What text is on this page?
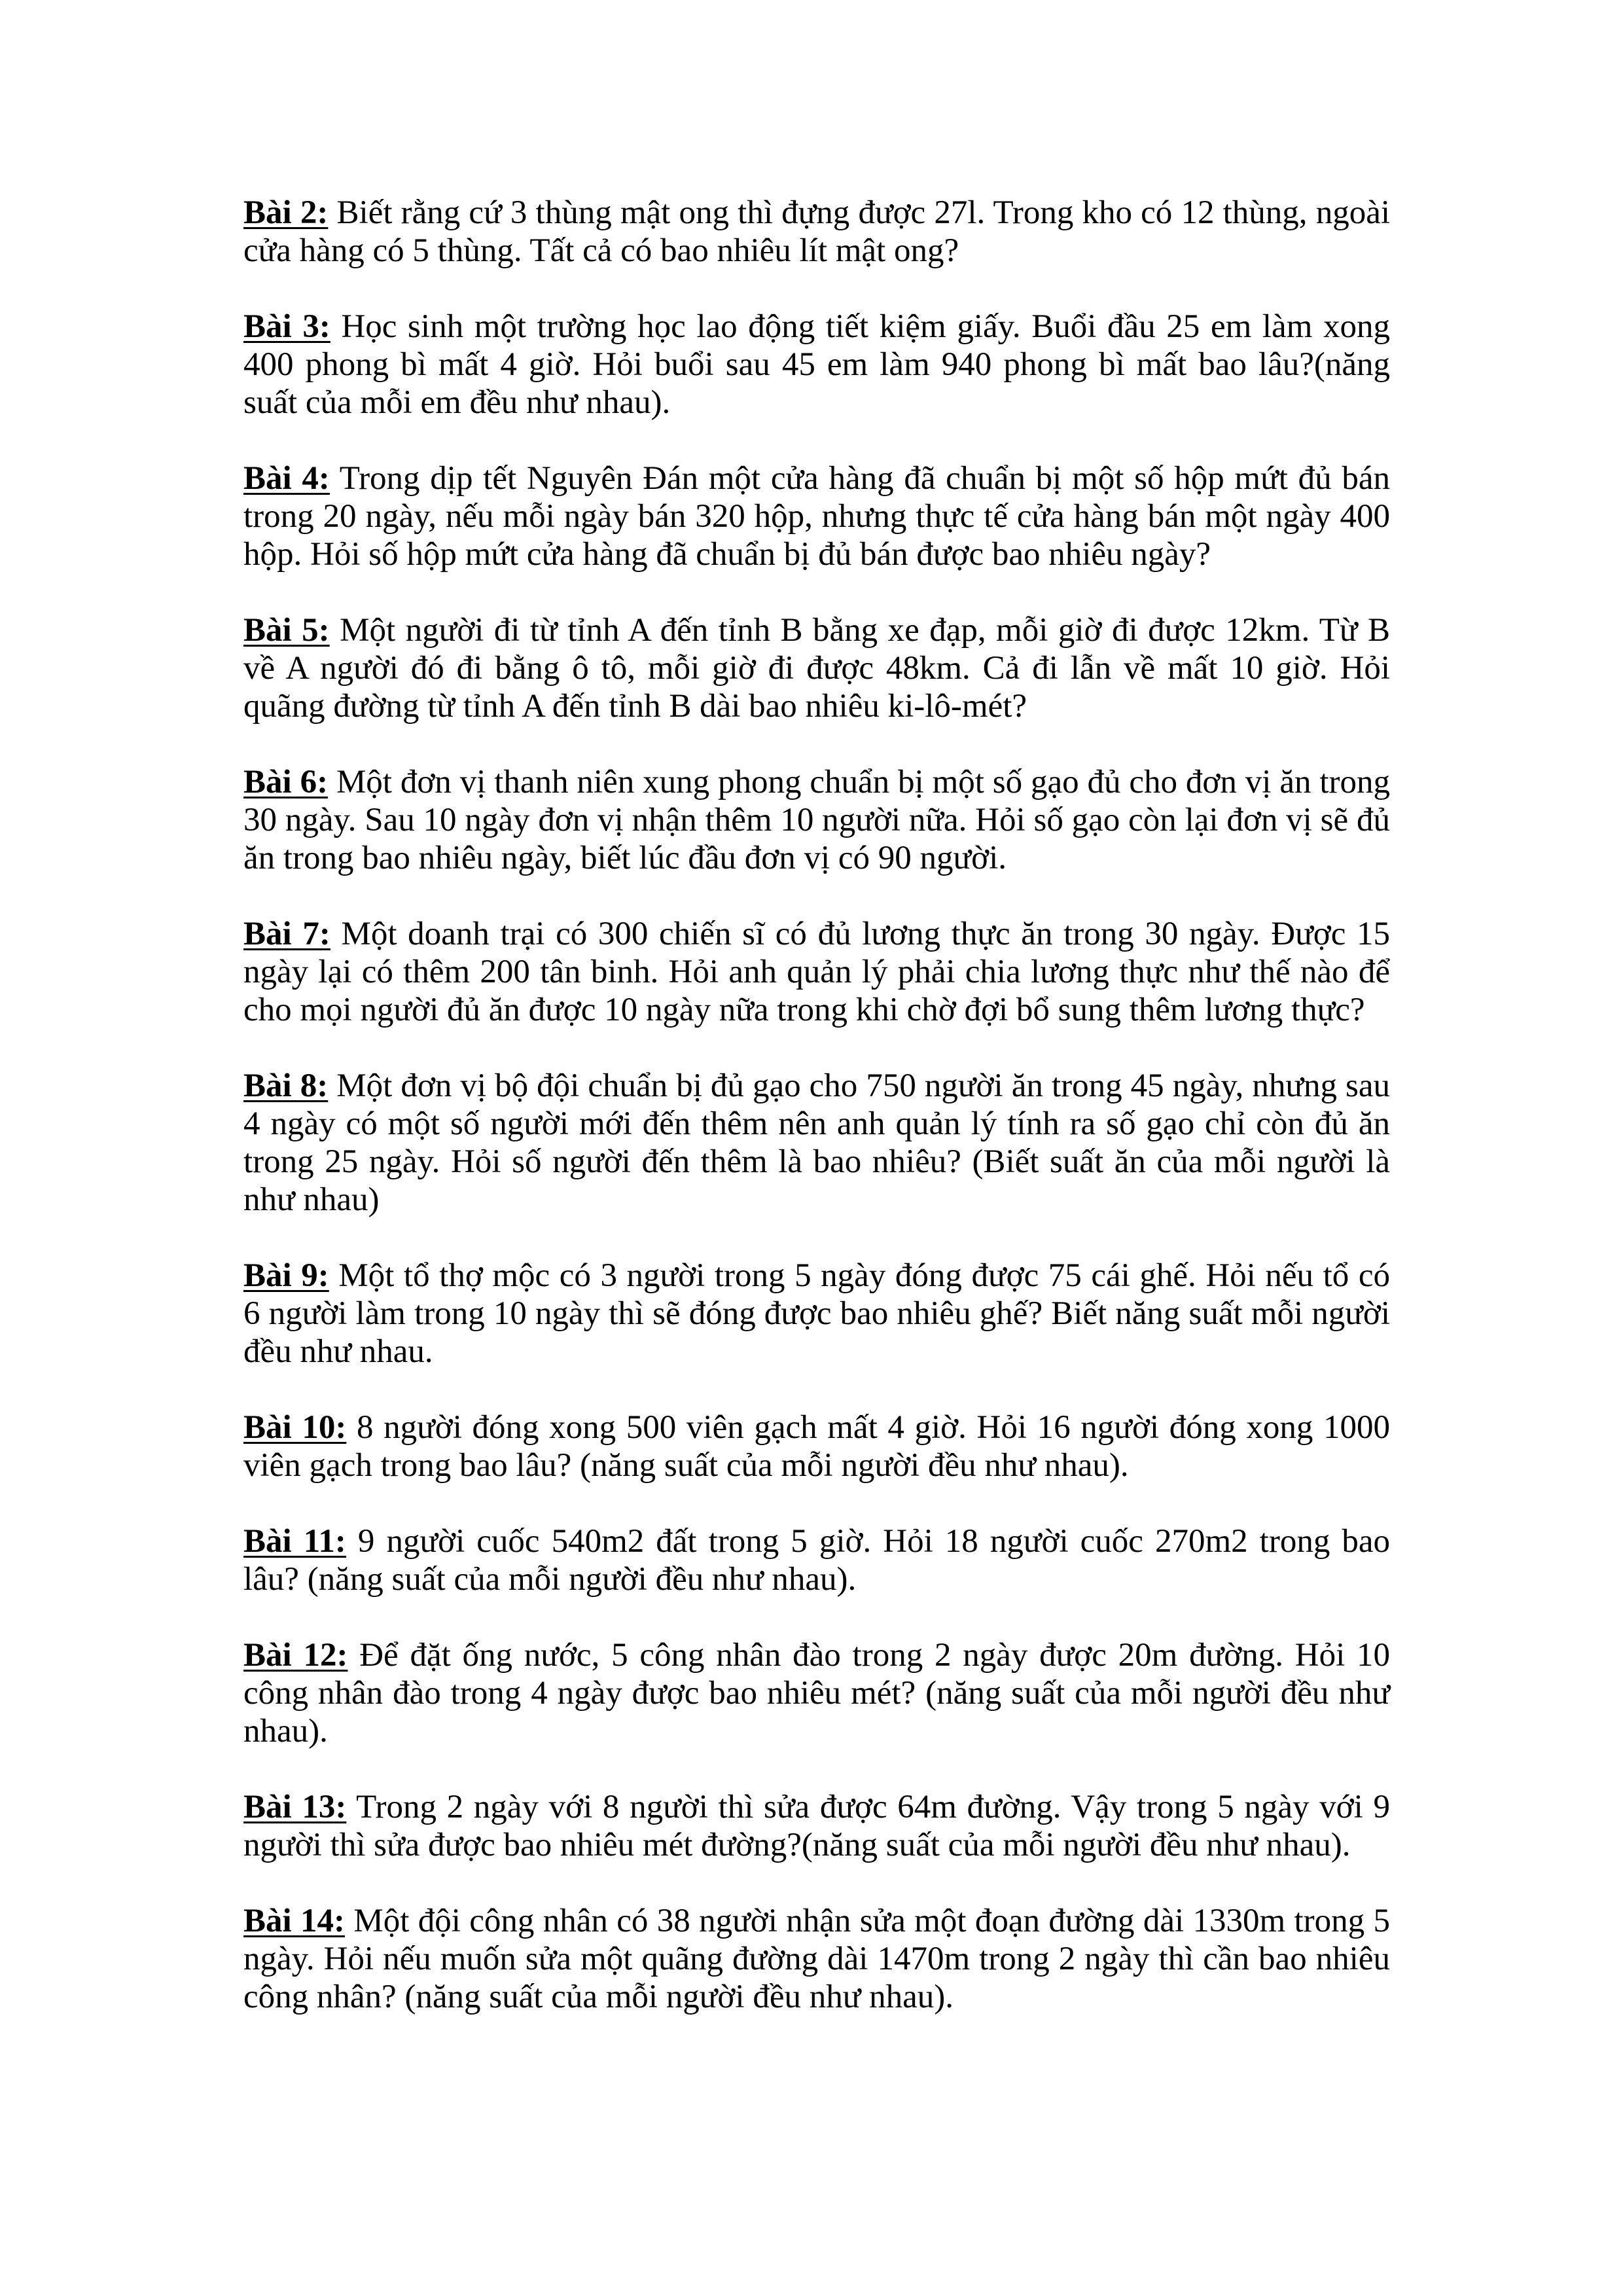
Bài 2: Biết rằng cứ 3 thùng mật ong thì đựng được 27l. Trong kho có 12 thùng, ngoài cửa hàng có 5 thùng. Tất cả có bao nhiêu lít mật ong?

Bài 3: Học sinh một trường học lao động tiết kiệm giấy. Buổi đầu 25 em làm xong 400 phong bì mất 4 giờ. Hỏi buổi sau 45 em làm 940 phong bì mất bao lâu?(năng suất của mỗi em đều như nhau).

Bài 4: Trong dịp tết Nguyên Đán một cửa hàng đã chuẩn bị một số hộp mứt đủ bán trong 20 ngày, nếu mỗi ngày bán 320 hộp, nhưng thực tế cửa hàng bán một ngày 400 hộp. Hỏi số hộp mứt cửa hàng đã chuẩn bị đủ bán được bao nhiêu ngày?

Bài 5: Một người đi từ tỉnh A đến tỉnh B bằng xe đạp, mỗi giờ đi được 12km. Từ B về A người đó đi bằng ô tô, mỗi giờ đi được 48km. Cả đi lẫn về mất 10 giờ. Hỏi quãng đường từ tỉnh A đến tỉnh B dài bao nhiêu ki-lô-mét?

Bài 6: Một đơn vị thanh niên xung phong chuẩn bị một số gạo đủ cho đơn vị ăn trong 30 ngày. Sau 10 ngày đơn vị nhận thêm 10 người nữa. Hỏi số gạo còn lại đơn vị sẽ đủ ăn trong bao nhiêu ngày, biết lúc đầu đơn vị có 90 người.

Bài 7: Một doanh trại có 300 chiến sĩ có đủ lương thực ăn trong 30 ngày. Được 15 ngày lại có thêm 200 tân binh. Hỏi anh quản lý phải chia lương thực như thế nào để cho mọi người đủ ăn được 10 ngày nữa trong khi chờ đợi bổ sung thêm lương thực?

Bài 8: Một đơn vị bộ đội chuẩn bị đủ gạo cho 750 người ăn trong 45 ngày, nhưng sau 4 ngày có một số người mới đến thêm nên anh quản lý tính ra số gạo chỉ còn đủ ăn trong 25 ngày. Hỏi số người đến thêm là bao nhiêu? (Biết suất ăn của mỗi người là như nhau)

Bài 9: Một tổ thợ mộc có 3 người trong 5 ngày đóng được 75 cái ghế. Hỏi nếu tổ có 6 người làm trong 10 ngày thì sẽ đóng được bao nhiêu ghế? Biết năng suất mỗi người đều như nhau.

Bài 10: 8 người đóng xong 500 viên gạch mất 4 giờ. Hỏi 16 người đóng xong 1000 viên gạch trong bao lâu? (năng suất của mỗi người đều như nhau).

Bài 11: 9 người cuốc 540m2 đất trong 5 giờ. Hỏi 18 người cuốc 270m2 trong bao lâu? (năng suất của mỗi người đều như nhau).

Bài 12: Để đặt ống nước, 5 công nhân đào trong 2 ngày được 20m đường. Hỏi 10 công nhân đào trong 4 ngày được bao nhiêu mét? (năng suất của mỗi người đều như nhau).

Bài 13: Trong 2 ngày với 8 người thì sửa được 64m đường. Vậy trong 5 ngày với 9 người thì sửa được bao nhiêu mét đường?(năng suất của mỗi người đều như nhau).

Bài 14: Một đội công nhân có 38 người nhận sửa một đoạn đường dài 1330m trong 5 ngày. Hỏi nếu muốn sửa một quãng đường dài 1470m trong 2 ngày thì cần bao nhiêu công nhân? (năng suất của mỗi người đều như nhau).
